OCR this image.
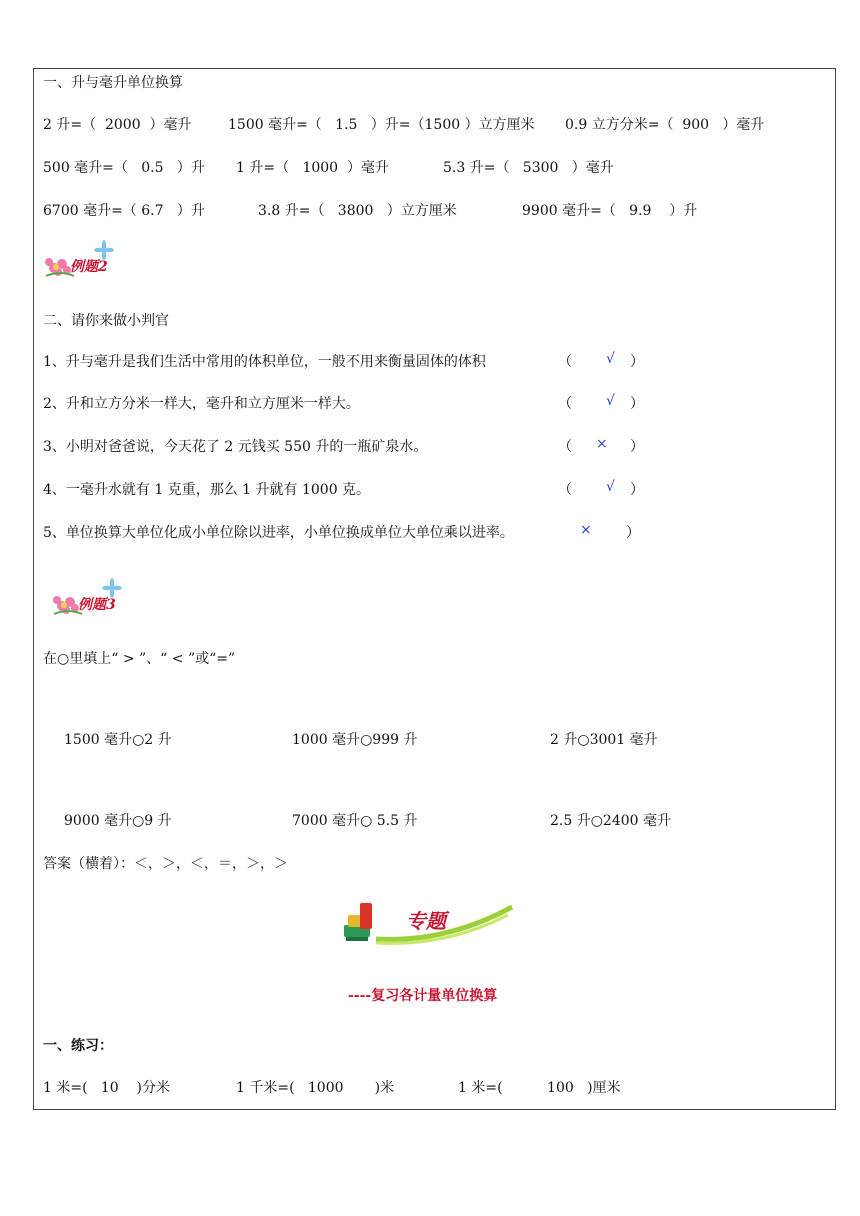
一、升与毫升单位换算
2 升=（  2000  ）毫升	1500 毫升=（   1.5   ）升=（1500 ）立方厘米 0.9 立方分米=（  900   ）毫升
500 毫升=（   0.5   ）升 1 升=（   1000  ）毫升	5.3 升=（   5300   ）毫升
6700 毫升=（ 6.7   ）升	3.8 升=（   3800   ）立方厘米	9900 毫升=（   9.9    ）升
例题2
二、请你来做小判官
1、升与毫升是我们生活中常用的体积单位，一般不用来衡量固体的体积	（ √ ）
2、升和立方分米一样大，毫升和立方厘米一样大。	（ √ ）
3、小明对爸爸说，今天花了 2 元钱买 550 升的一瓶矿泉水。	（ × ）
4、一毫升水就有 1 克重，那么 1 升就有 1000 克。	（ √ ）
5、单位换算大单位化成小单位除以进率，小单位换成单位大单位乘以进率。	× ）
例题3
在○里填上“ > ”、“ < ”或“=”
1500 毫升○2 升	1000 毫升○999 升	2 升○3001 毫升
9000 毫升○9 升	7000 毫升○ 5.5 升	2.5 升○2400 毫升
答案（横着）：＜，＞，＜，＝，＞，＞
专题
----复习各计量单位换算
一、练习：
1 米=(   10    )分米	1 千米=(   1000       )米	1 米=(          100   )厘米
